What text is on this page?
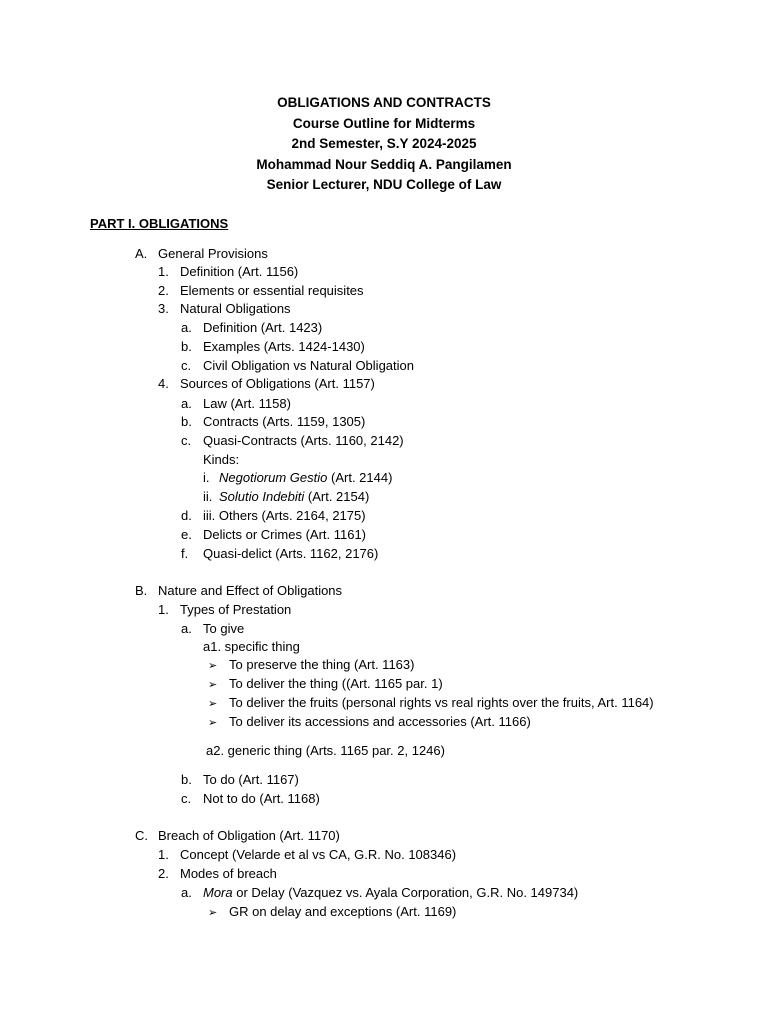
OBLIGATIONS AND CONTRACTS
Course Outline for Midterms
2nd Semester, S.Y 2024-2025
Mohammad Nour Seddiq A. Pangilamen
Senior Lecturer, NDU College of Law
PART I. OBLIGATIONS
A. General Provisions
1. Definition (Art. 1156)
2. Elements or essential requisites
3. Natural Obligations
a. Definition (Art. 1423)
b. Examples (Arts. 1424-1430)
c. Civil Obligation vs Natural Obligation
4. Sources of Obligations (Art. 1157)
a. Law (Art. 1158)
b. Contracts (Arts. 1159, 1305)
c. Quasi-Contracts (Arts. 1160, 2142)
Kinds:
i. Negotiorum Gestio (Art. 2144)
ii. Solutio Indebiti (Art. 2154)
d. iii. Others (Arts. 2164, 2175)
e. Delicts or Crimes (Art. 1161)
f. Quasi-delict (Arts. 1162, 2176)
B. Nature and Effect of Obligations
1. Types of Prestation
a. To give
a1. specific thing
➢ To preserve the thing (Art. 1163)
➢ To deliver the thing ((Art. 1165 par. 1)
➢ To deliver the fruits (personal rights vs real rights over the fruits, Art. 1164)
➢ To deliver its accessions and accessories (Art. 1166)
a2. generic thing (Arts. 1165 par. 2, 1246)
b. To do (Art. 1167)
c. Not to do (Art. 1168)
C. Breach of Obligation (Art. 1170)
1. Concept (Velarde et al vs CA, G.R. No. 108346)
2. Modes of breach
a. Mora or Delay (Vazquez vs. Ayala Corporation, G.R. No. 149734)
➢ GR on delay and exceptions (Art. 1169)
